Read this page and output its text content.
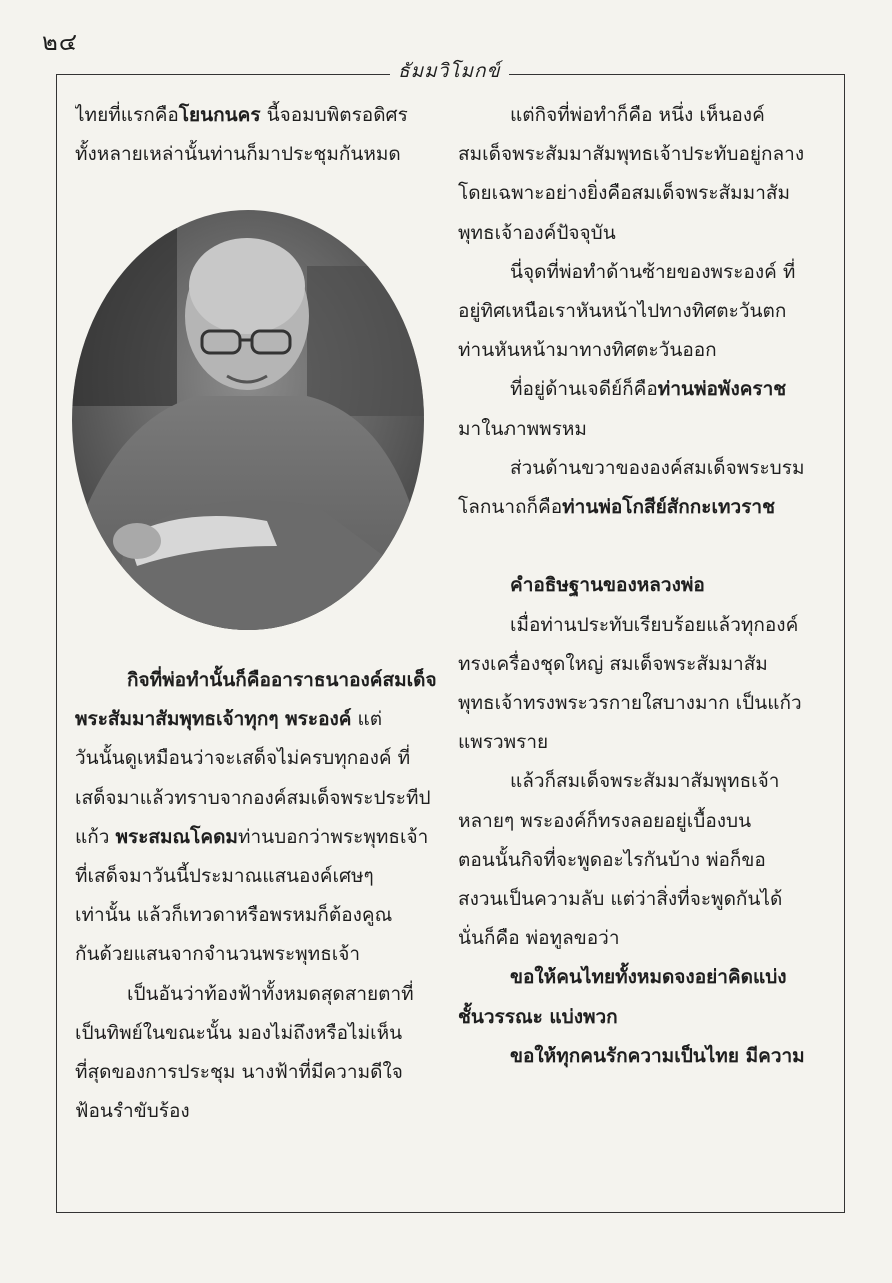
๒๔
ธัมมวิโมกข์
ไทยที่แรกคือโยนกนคร นี้จอมบพิตรอดิศร
ทั้งหลายเหล่านั้นท่านก็มาประชุมกันหมด
กิจที่พ่อทำนั้นก็คืออาราธนาองค์สมเด็จ
พระสัมมาสัมพุทธเจ้าทุกๆ พระองค์ แต่
วันนั้นดูเหมือนว่าจะเสด็จไม่ครบทุกองค์ ที่
เสด็จมาแล้วทราบจากองค์สมเด็จพระประทีป
แก้ว พระสมณโคดมท่านบอกว่าพระพุทธเจ้า
ที่เสด็จมาวันนี้ประมาณแสนองค์เศษๆ
เท่านั้น แล้วก็เทวดาหรือพรหมก็ต้องคูณ
กันด้วยแสนจากจำนวนพระพุทธเจ้า
เป็นอันว่าท้องฟ้าทั้งหมดสุดสายตาที่
เป็นทิพย์ในขณะนั้น มองไม่ถึงหรือไม่เห็น
ที่สุดของการประชุม นางฟ้าที่มีความดีใจ
ฟ้อนรำขับร้อง
แต่กิจที่พ่อทำก็คือ หนึ่ง เห็นองค์
สมเด็จพระสัมมาสัมพุทธเจ้าประทับอยู่กลาง
โดยเฉพาะอย่างยิ่งคือสมเด็จพระสัมมาสัม
พุทธเจ้าองค์ปัจจุบัน
นี่จุดที่พ่อทำด้านซ้ายของพระองค์ ที่
อยู่ทิศเหนือเราหันหน้าไปทางทิศตะวันตก
ท่านหันหน้ามาทางทิศตะวันออก
ที่อยู่ด้านเจดีย์ก็คือท่านพ่อพังคราช
มาในภาพพรหม
ส่วนด้านขวาขององค์สมเด็จพระบรม
โลกนาถก็คือท่านพ่อโกสีย์สักกะเทวราช

คำอธิษฐานของหลวงพ่อ
เมื่อท่านประทับเรียบร้อยแล้วทุกองค์
ทรงเครื่องชุดใหญ่ สมเด็จพระสัมมาสัม
พุทธเจ้าทรงพระวรกายใสบางมาก เป็นแก้ว
แพรวพราย
แล้วก็สมเด็จพระสัมมาสัมพุทธเจ้า
หลายๆ พระองค์ก็ทรงลอยอยู่เบื้องบน
ตอนนั้นกิจที่จะพูดอะไรกันบ้าง พ่อก็ขอ
สงวนเป็นความลับ แต่ว่าสิ่งที่จะพูดกันได้
นั่นก็คือ พ่อทูลขอว่า
ขอให้คนไทยทั้งหมดจงอย่าคิดแบ่ง
ชั้นวรรณะ แบ่งพวก
ขอให้ทุกคนรักความเป็นไทย มีความ
